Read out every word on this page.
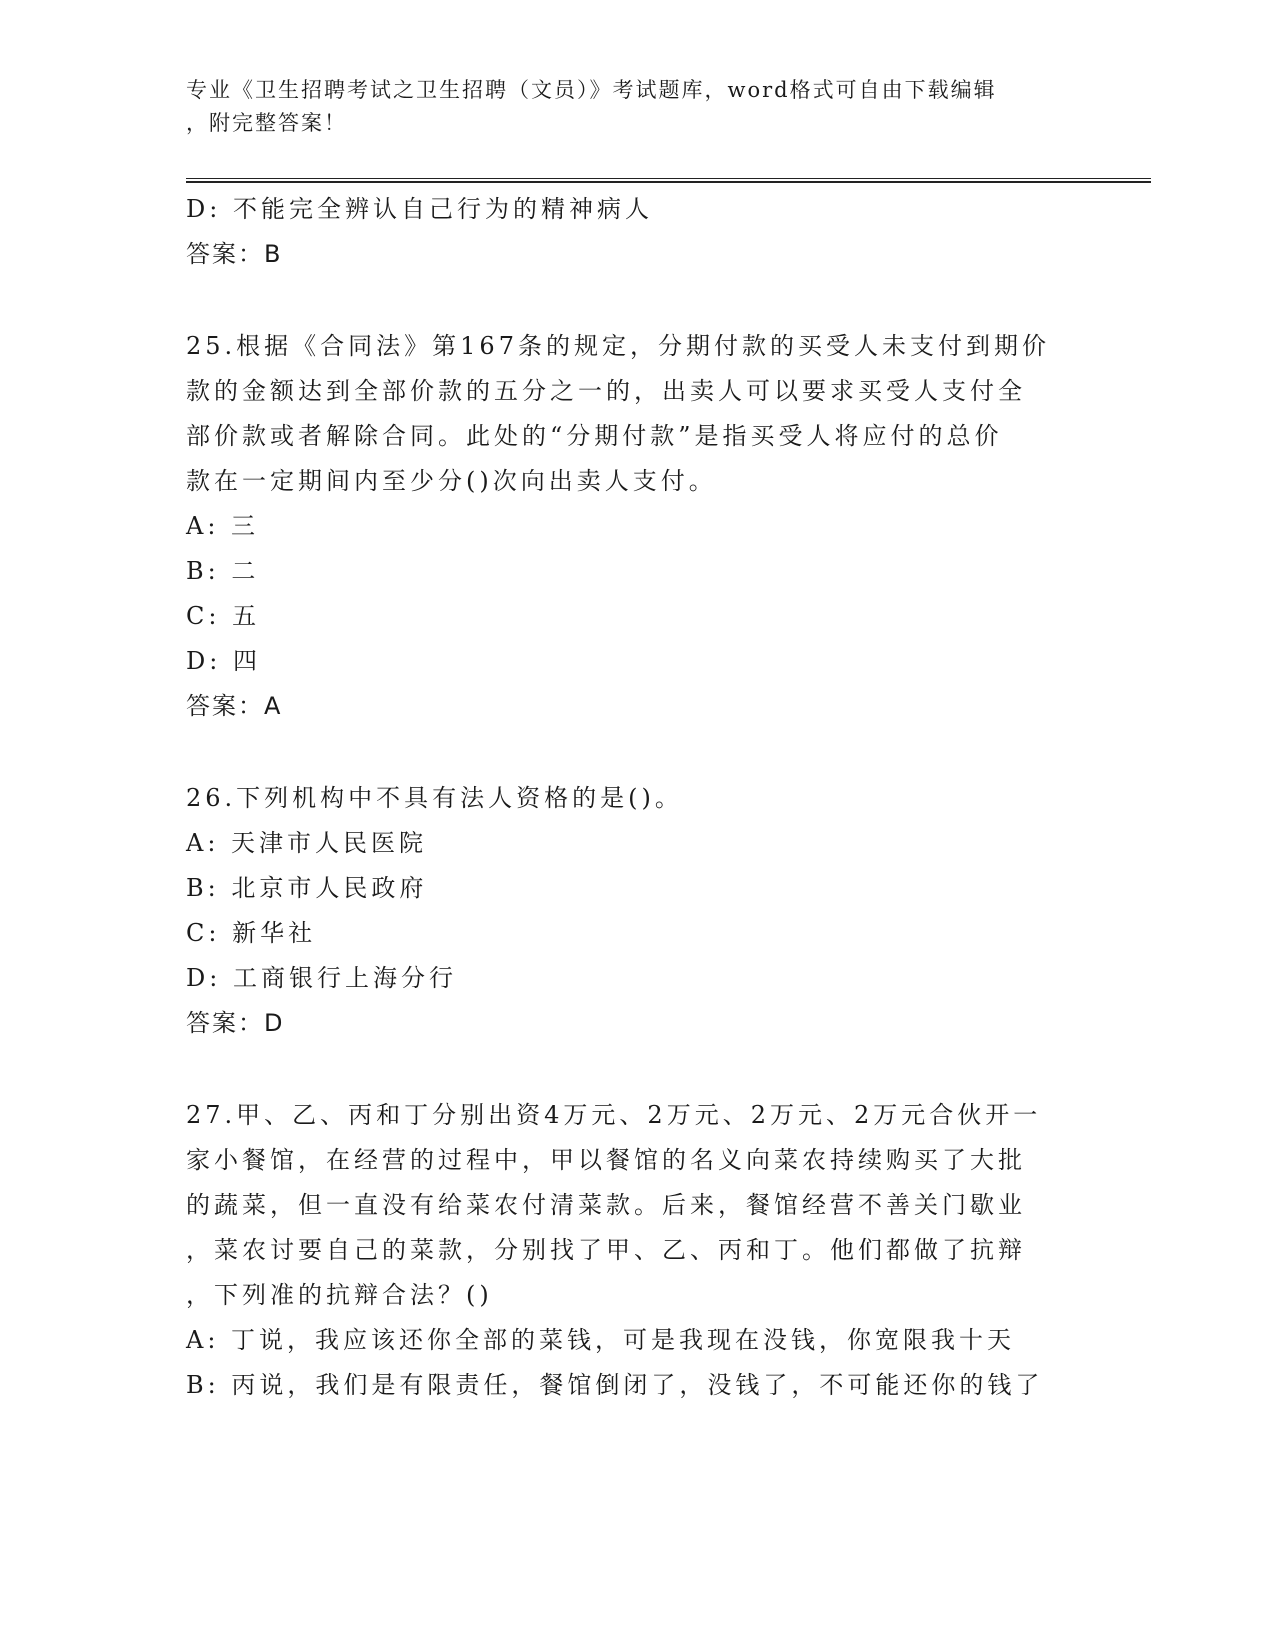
专业《卫生招聘考试之卫生招聘（文员）》考试题库，word格式可自由下载编辑
，附完整答案！
D: 不能完全辨认自己行为的精神病人
答案：B
25.根据《合同法》第167条的规定，分期付款的买受人未支付到期价
款的金额达到全部价款的五分之一的，出卖人可以要求买受人支付全
部价款或者解除合同。此处的“分期付款”是指买受人将应付的总价
款在一定期间内至少分()次向出卖人支付。
A: 三
B: 二
C: 五
D: 四
答案：A
26.下列机构中不具有法人资格的是()。
A: 天津市人民医院
B: 北京市人民政府
C: 新华社
D: 工商银行上海分行
答案：D
27.甲、乙、丙和丁分别出资4万元、2万元、2万元、2万元合伙开一
家小餐馆，在经营的过程中，甲以餐馆的名义向菜农持续购买了大批
的蔬菜，但一直没有给菜农付清菜款。后来，餐馆经营不善关门歇业
，菜农讨要自己的菜款，分别找了甲、乙、丙和丁。他们都做了抗辩
，下列准的抗辩合法？()
A: 丁说，我应该还你全部的菜钱，可是我现在没钱，你宽限我十天
B: 丙说，我们是有限责任，餐馆倒闭了，没钱了，不可能还你的钱了
